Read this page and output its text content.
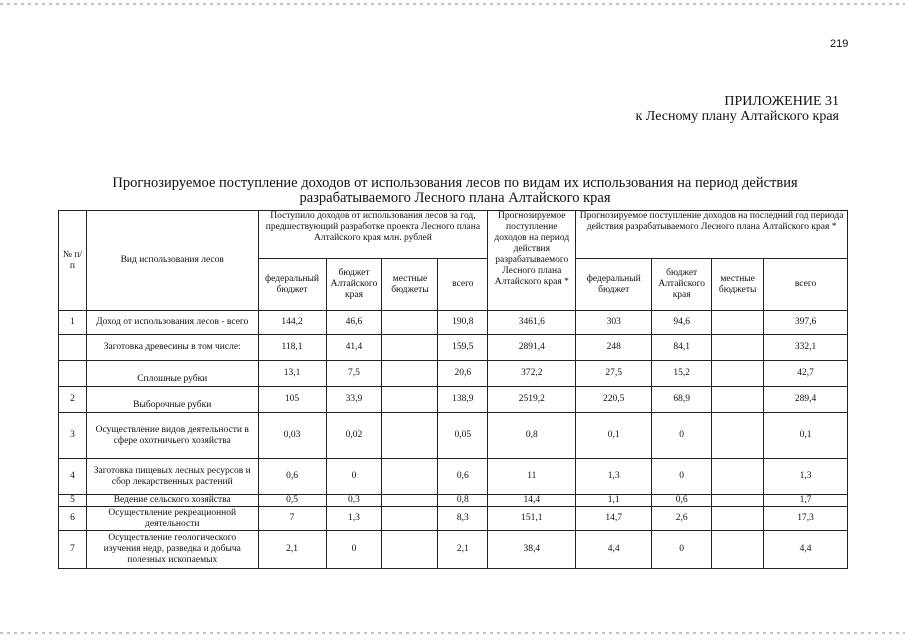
219
ПРИЛОЖЕНИЕ 31
к Лесному плану Алтайского края
Прогнозируемое поступление доходов от использования лесов по видам их использования на период действия
разрабатываемого Лесного плана Алтайского края
№ п/п	Вид использования лесов	Поступило доходов от использования лесов за год, предшествующий разработке проекта Лесного плана Алтайского края млн. рублей				Прогнозируемое поступление доходов на период действия разрабатываемого Лесного плана Алтайского края *	Прогнозируемое поступление доходов на последний год периода действия разрабатываемого Лесного плана Алтайского края *			
		федеральный бюджет	бюджет Алтайского края	местные бюджеты	всего		федеральный бюджет	бюджет Алтайского края	местные бюджеты	всего
1	Доход от использования лесов - всего	144,2	46,6		190,8	3461,6	303	94,6		397,6
	Заготовка древесины в том числе:	118,1	41,4		159,5	2891,4	248	84,1		332,1
	Сплошные рубки	13,1	7,5		20,6	372,2	27,5	15,2		42,7
2	Выборочные рубки	105	33,9		138,9	2519,2	220,5	68,9		289,4
3	Осуществление видов деятельности в сфере охотничьего хозяйства	0,03	0,02		0,05	0,8	0,1	0		0,1
4	Заготовка пищевых лесных ресурсов и сбор лекарственных растений	0,6	0		0,6	11	1,3	0		1,3
5	Ведение сельского хозяйства	0,5	0,3		0,8	14,4	1,1	0,6		1,7
6	Осуществление рекреационной деятельности	7	1,3		8,3	151,1	14,7	2,6		17,3
7	Осуществление геологического изучения недр, разведка и добыча полезных ископаемых	2,1	0		2,1	38,4	4,4	0		4,4
